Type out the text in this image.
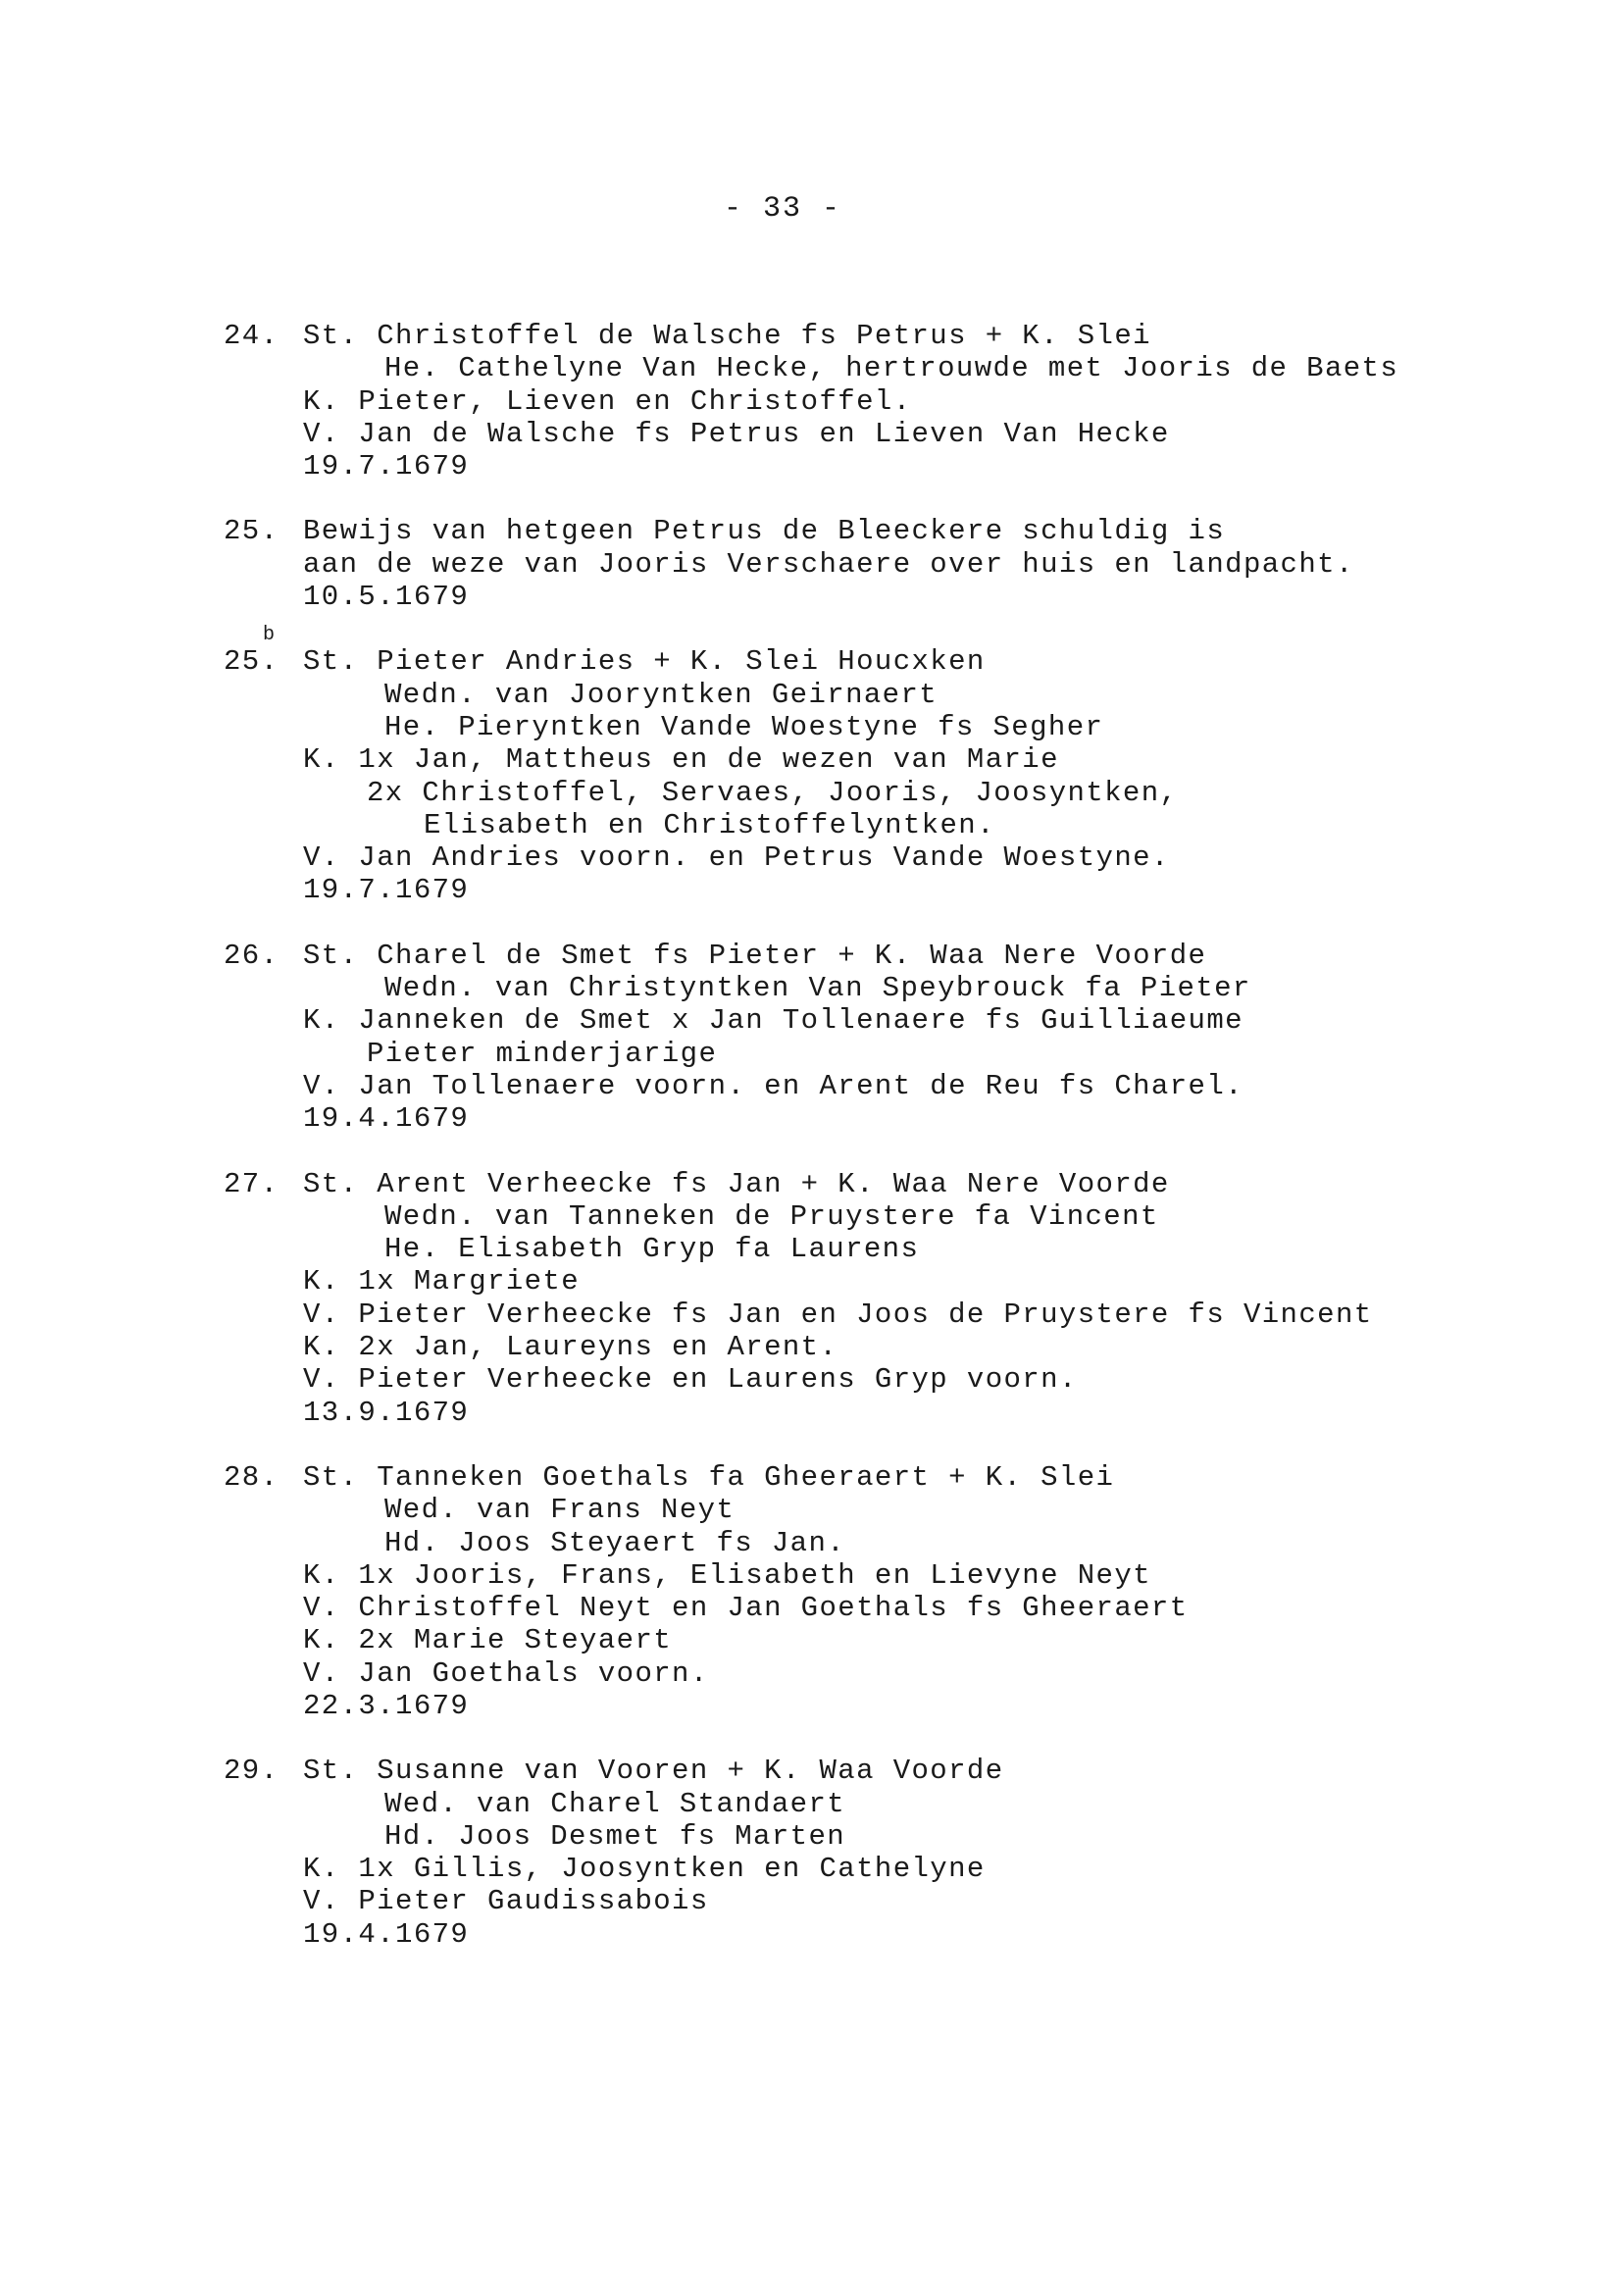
- 33 -
24. St. Christoffel de Walsche fs Petrus + K. Slei
He. Cathelyne Van Hecke, hertrouwde met Jooris de Baets
K. Pieter, Lieven en Christoffel.
V. Jan de Walsche fs Petrus en Lieven Van Hecke
19.7.1679
25. Bewijs van hetgeen Petrus de Bleeckere schuldig is
aan de weze van Jooris Verschaere over huis en landpacht.
10.5.1679
25.
b
St. Pieter Andries + K. Slei Houcxken
Wedn. van Jooryntken Geirnaert
He. Pieryntken Vande Woestyne fs Segher
K. 1x Jan, Mattheus en de wezen van Marie
2x Christoffel, Servaes, Jooris, Joosyntken,
Elisabeth en Christoffelyntken.
V. Jan Andries voorn. en Petrus Vande Woestyne.
19.7.1679
26. St. Charel de Smet fs Pieter + K. Waa Nere Voorde
Wedn. van Christyntken Van Speybrouck fa Pieter
K. Janneken de Smet x Jan Tollenaere fs Guilliaeume
Pieter minderjarige
V. Jan Tollenaere voorn. en Arent de Reu fs Charel.
19.4.1679
27. St. Arent Verheecke fs Jan + K. Waa Nere Voorde
Wedn. van Tanneken de Pruystere fa Vincent
He. Elisabeth Gryp fa Laurens
K. 1x Margriete
V. Pieter Verheecke fs Jan en Joos de Pruystere fs Vincent
K. 2x Jan, Laureyns en Arent.
V. Pieter Verheecke en Laurens Gryp voorn.
13.9.1679
28. St. Tanneken Goethals fa Gheeraert + K. Slei
Wed. van Frans Neyt
Hd. Joos Steyaert fs Jan.
K. 1x Jooris, Frans, Elisabeth en Lievyne Neyt
V. Christoffel Neyt en Jan Goethals fs Gheeraert
K. 2x Marie Steyaert
V. Jan Goethals voorn.
22.3.1679
29. St. Susanne van Vooren + K. Waa Voorde
Wed. van Charel Standaert
Hd. Joos Desmet fs Marten
K. 1x Gillis, Joosyntken en Cathelyne
V. Pieter Gaudissabois
19.4.1679
